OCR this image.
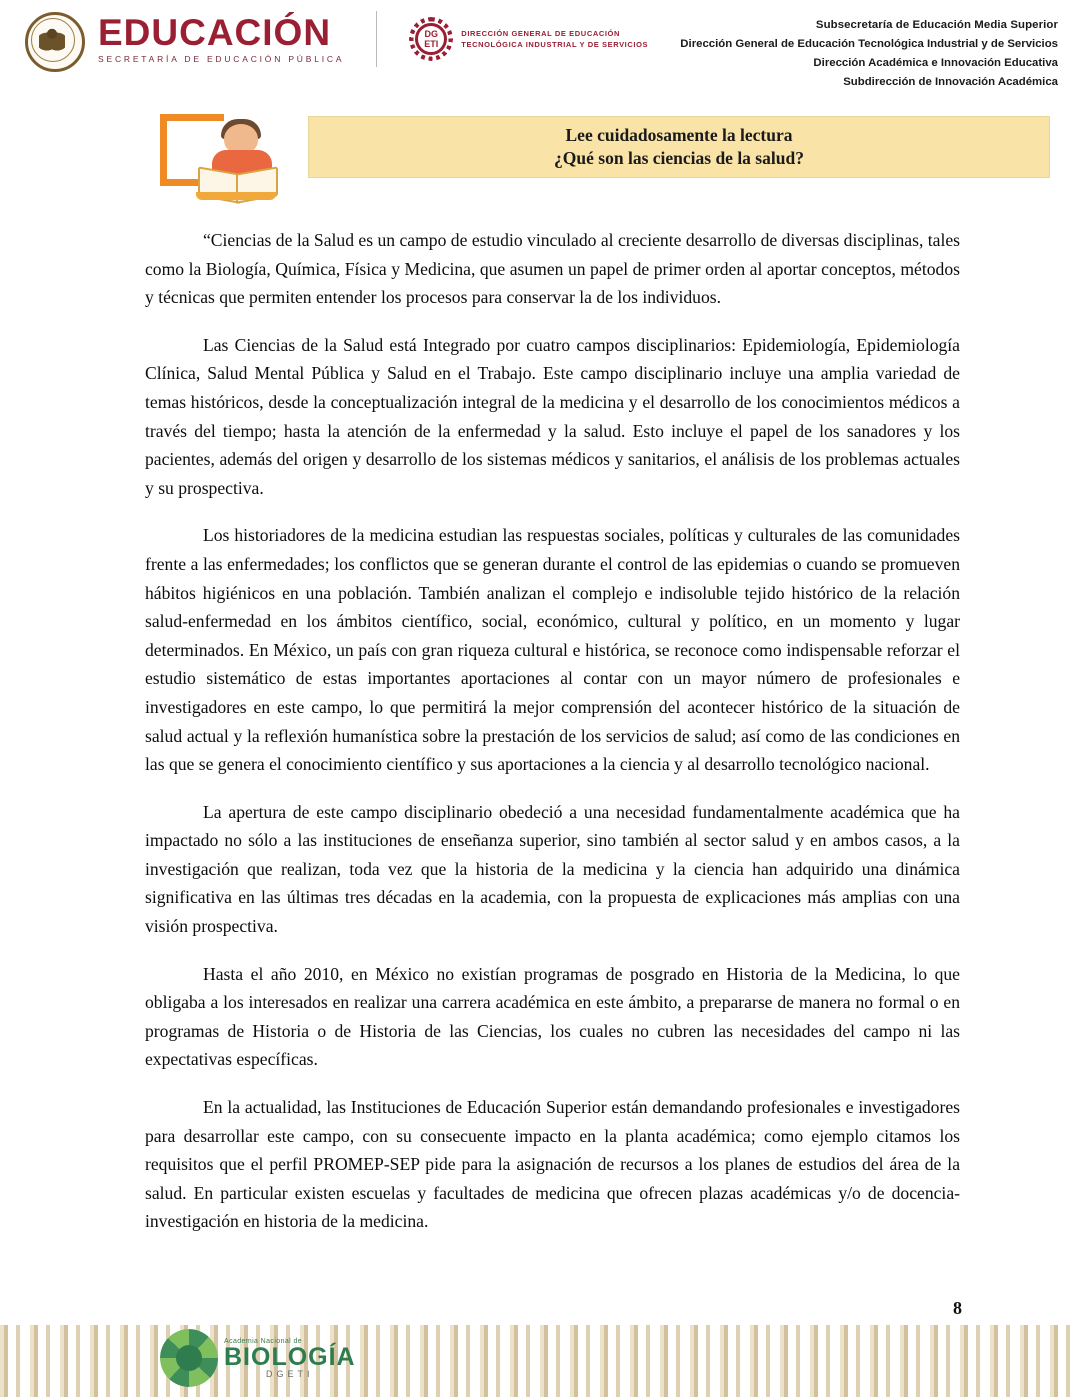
EDUCACIÓN
SECRETARÍA DE EDUCACIÓN PÚBLICA
DG ETI
DIRECCIÓN GENERAL DE EDUCACIÓN
TECNOLÓGICA INDUSTRIAL Y DE SERVICIOS
Subsecretaría de Educación Media Superior
Dirección General de Educación Tecnológica Industrial y de Servicios
Dirección Académica e Innovación Educativa
Subdirección de Innovación Académica
Lee cuidadosamente la lectura
¿Qué son las ciencias de la salud?

“Ciencias de la Salud es un campo de estudio vinculado al creciente desarrollo de diversas disciplinas, tales como la Biología, Química, Física y Medicina, que asumen un papel de primer orden al aportar conceptos, métodos y técnicas que permiten entender los procesos para conservar la de los individuos.

Las Ciencias de la Salud está Integrado por cuatro campos disciplinarios: Epidemiología, Epidemiología Clínica, Salud Mental Pública y Salud en el Trabajo. Este campo disciplinario incluye una amplia variedad de temas históricos, desde la conceptualización integral de la medicina y el desarrollo de los conocimientos médicos a través del tiempo; hasta la atención de la enfermedad y la salud. Esto incluye el papel de los sanadores y los pacientes, además del origen y desarrollo de los sistemas médicos y sanitarios, el análisis de los problemas actuales y su prospectiva.

Los historiadores de la medicina estudian las respuestas sociales, políticas y culturales de las comunidades frente a las enfermedades; los conflictos que se generan durante el control de las epidemias o cuando se promueven hábitos higiénicos en una población. También analizan el complejo e indisoluble tejido histórico de la relación salud-enfermedad en los ámbitos científico, social, económico, cultural y político, en un momento y lugar determinados. En México, un país con gran riqueza cultural e histórica, se reconoce como indispensable reforzar el estudio sistemático de estas importantes aportaciones al contar con un mayor número de profesionales e investigadores en este campo, lo que permitirá la mejor comprensión del acontecer histórico de la situación de salud actual y la reflexión humanística sobre la prestación de los servicios de salud; así como de las condiciones en las que se genera el conocimiento científico y sus aportaciones a la ciencia y al desarrollo tecnológico nacional.

La apertura de este campo disciplinario obedeció a una necesidad fundamentalmente académica que ha impactado no sólo a las instituciones de enseñanza superior, sino también al sector salud y en ambos casos, a la investigación que realizan, toda vez que la historia de la medicina y la ciencia han adquirido una dinámica significativa en las últimas tres décadas en la academia, con la propuesta de explicaciones más amplias con una visión prospectiva.

Hasta el año 2010, en México no existían programas de posgrado en Historia de la Medicina, lo que obligaba a los interesados en realizar una carrera académica en este ámbito, a prepararse de manera no formal o en programas de Historia o de Historia de las Ciencias, los cuales no cubren las necesidades del campo ni las expectativas específicas.

En la actualidad, las Instituciones de Educación Superior están demandando profesionales e investigadores para desarrollar este campo, con su consecuente impacto en la planta académica; como ejemplo citamos los requisitos que el perfil PROMEP-SEP pide para la asignación de recursos a los planes de estudios del área de la salud. En particular existen escuelas y facultades de medicina que ofrecen plazas académicas y/o de docencia-investigación en historia de la medicina.

8
Academia Nacional de
BIOLOGÍA
DGETI
